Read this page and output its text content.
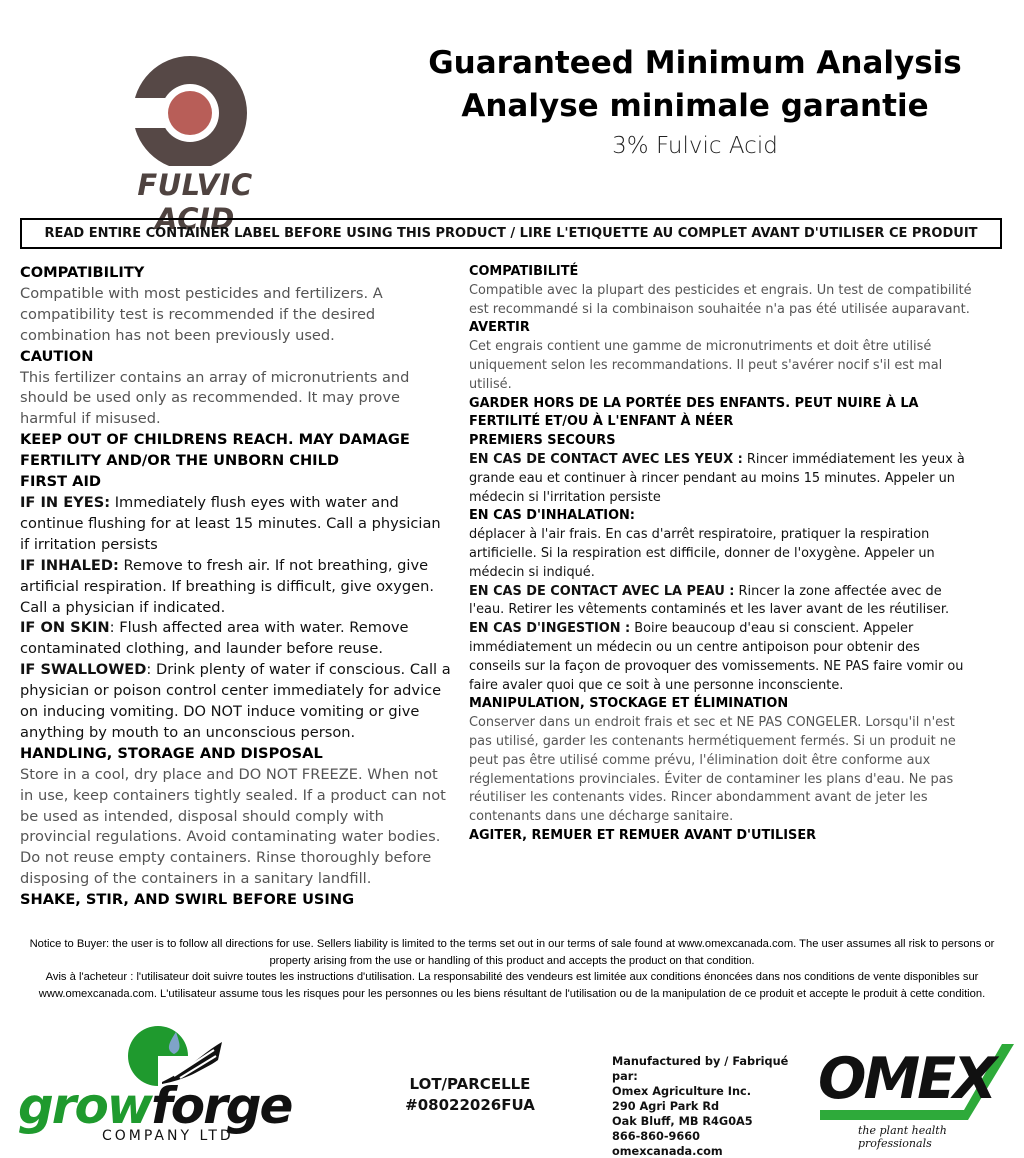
FULVIC ACID
Guaranteed Minimum Analysis
Analyse minimale garantie
3% Fulvic Acid
READ ENTIRE CONTAINER LABEL BEFORE USING THIS PRODUCT / LIRE L'ETIQUETTE AU COMPLET AVANT D'UTILISER CE PRODUIT
COMPATIBILITY
Compatible with most pesticides and fertilizers. A compatibility test is recommended if the desired combination has not been previously used.
CAUTION
This fertilizer contains an array of micronutrients and should be used only as recommended. It may prove harmful if misused.
KEEP OUT OF CHILDRENS REACH. MAY DAMAGE FERTILITY AND/OR THE UNBORN CHILD
FIRST AID
IF IN EYES: Immediately flush eyes with water and continue flushing for at least 15 minutes. Call a physician if irritation persists
IF INHALED: Remove to fresh air. If not breathing, give artificial respiration. If breathing is difficult, give oxygen. Call a physician if indicated.
IF ON SKIN: Flush affected area with water. Remove contaminated clothing, and launder before reuse.
IF SWALLOWED: Drink plenty of water if conscious. Call a physician or poison control center immediately for advice on inducing vomiting. DO NOT induce vomiting or give anything by mouth to an unconscious person.
HANDLING, STORAGE AND DISPOSAL
Store in a cool, dry place and DO NOT FREEZE. When not in use, keep containers tightly sealed. If a product can not be used as intended, disposal should comply with provincial regulations. Avoid contaminating water bodies. Do not reuse empty containers. Rinse thoroughly before disposing of the containers in a sanitary landfill.
SHAKE, STIR, AND SWIRL BEFORE USING
COMPATIBILITÉ
Compatible avec la plupart des pesticides et engrais. Un test de compatibilité est recommandé si la combinaison souhaitée n'a pas été utilisée auparavant.
AVERTIR
Cet engrais contient une gamme de micronutriments et doit être utilisé uniquement selon les recommandations. Il peut s'avérer nocif s'il est mal utilisé.
GARDER HORS DE LA PORTÉE DES ENFANTS. PEUT NUIRE À LA FERTILITÉ ET/OU À L'ENFANT À NÉER
PREMIERS SECOURS
EN CAS DE CONTACT AVEC LES YEUX : Rincer immédiatement les yeux à grande eau et continuer à rincer pendant au moins 15 minutes. Appeler un médecin si l'irritation persiste
EN CAS D'INHALATION:
déplacer à l'air frais. En cas d'arrêt respiratoire, pratiquer la respiration artificielle. Si la respiration est difficile, donner de l'oxygène. Appeler un médecin si indiqué.
EN CAS DE CONTACT AVEC LA PEAU : Rincer la zone affectée avec de l'eau. Retirer les vêtements contaminés et les laver avant de les réutiliser.
EN CAS D'INGESTION : Boire beaucoup d'eau si conscient. Appeler immédiatement un médecin ou un centre antipoison pour obtenir des conseils sur la façon de provoquer des vomissements. NE PAS faire vomir ou faire avaler quoi que ce soit à une personne inconsciente.
MANIPULATION, STOCKAGE ET ÉLIMINATION
Conserver dans un endroit frais et sec et NE PAS CONGELER. Lorsqu'il n'est pas utilisé, garder les contenants hermétiquement fermés. Si un produit ne peut pas être utilisé comme prévu, l'élimination doit être conforme aux réglementations provinciales. Éviter de contaminer les plans d'eau. Ne pas réutiliser les contenants vides. Rincer abondamment avant de jeter les contenants dans une décharge sanitaire.
AGITER, REMUER ET REMUER AVANT D'UTILISER
Notice to Buyer: the user is to follow all directions for use. Sellers liability is limited to the terms set out in our terms of sale found at www.omexcanada.com. The user assumes all risk to persons or property arising from the use or handling of this product and accepts the product on that condition.
Avis à l'acheteur : l'utilisateur doit suivre toutes les instructions d'utilisation. La responsabilité des vendeurs est limitée aux conditions énoncées dans nos conditions de vente disponibles sur www.omexcanada.com. L'utilisateur assume tous les risques pour les personnes ou les biens résultant de l'utilisation ou de la manipulation de ce produit et accepte le produit à cette condition.
growforge
COMPANY LTD
LOT/PARCELLE
#08022026FUA
Manufactured by / Fabriqué par:
Omex Agriculture Inc.
290 Agri Park Rd
Oak Bluff, MB R4G0A5
866-860-9660 omexcanada.com
OMEX
the plant health professionals
